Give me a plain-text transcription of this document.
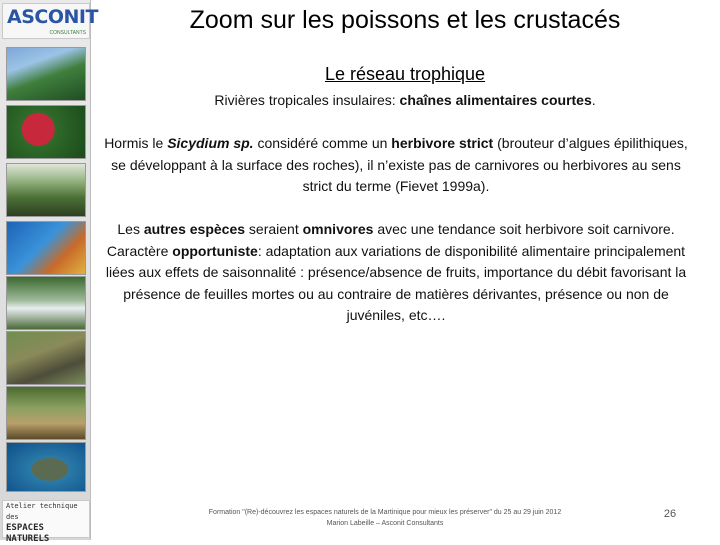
ASCONIT
CONSULTANTS
Atelier technique des
ESPACES NATURELS
Zoom sur les poissons et les crustacés
Le réseau trophique
Rivières tropicales insulaires: chaînes alimentaires courtes.
Hormis le Sicydium sp. considéré comme un herbivore strict (brouteur d’algues épilithiques, se développant à la surface des roches), il n’existe pas de carnivores ou herbivores au sens strict du terme (Fievet 1999a).
Les autres espèces seraient omnivores avec une tendance soit herbivore soit carnivore.
Caractère opportuniste: adaptation aux variations de disponibilité alimentaire principalement liées aux effets de saisonnalité : présence/absence de fruits, importance du débit favorisant la présence de feuilles mortes ou au contraire de matières dérivantes, présence ou non de juvéniles, etc….
Formation "(Re)-découvrez les espaces naturels de la Martinique pour mieux les préserver" du 25 au 29 juin 2012
Marion Labeille – Asconit Consultants
26
